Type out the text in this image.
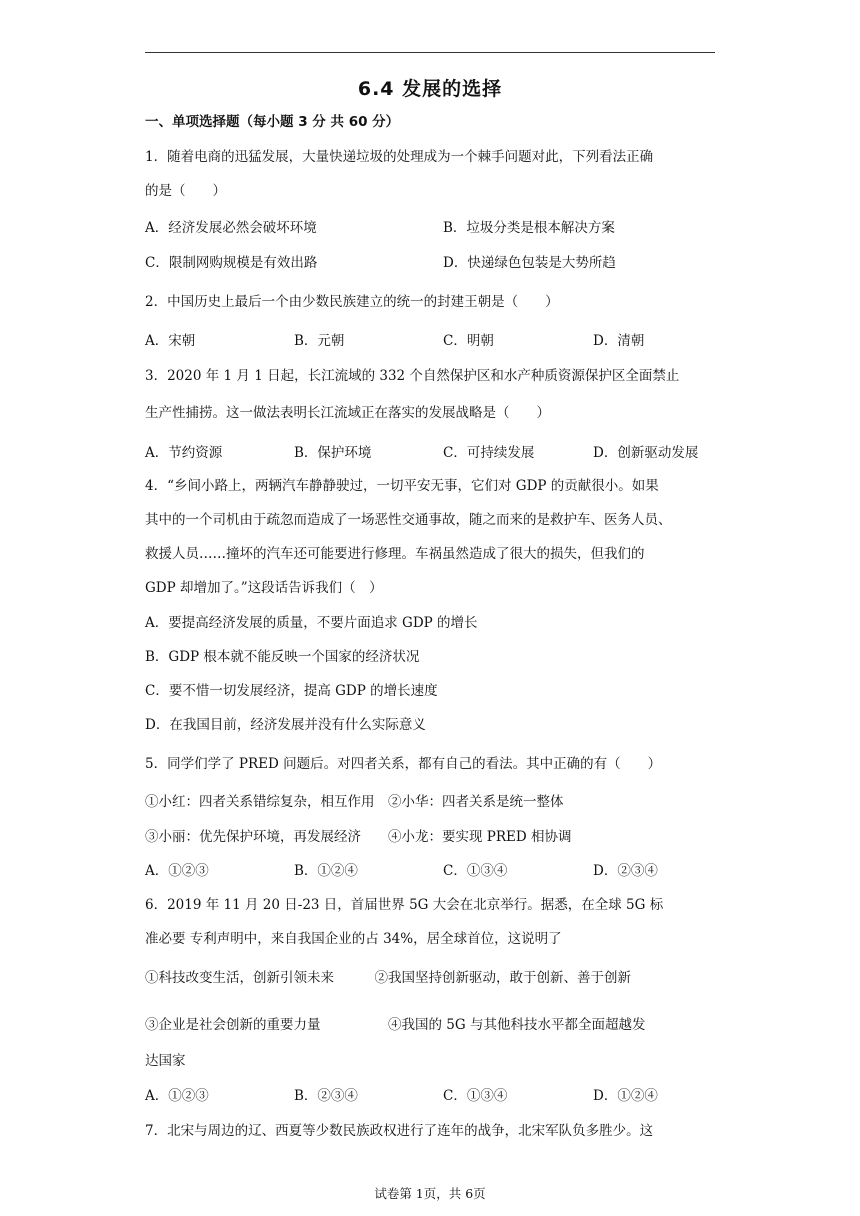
6.4 发展的选择
一、单项选择题（每小题 3 分 共 60 分）
1．随着电商的迅猛发展，大量快递垃圾的处理成为一个棘手问题对此，下列看法正确
的是（　　）
A．经济发展必然会破坏环境	B．垃圾分类是根本解决方案
C．限制网购规模是有效出路	D．快递绿色包装是大势所趋
2．中国历史上最后一个由少数民族建立的统一的封建王朝是（　　）
A．宋朝	B．元朝	C．明朝	D．清朝
3．2020 年 1 月 1 日起，长江流域的 332 个自然保护区和水产种质资源保护区全面禁止
生产性捕捞。这一做法表明长江流域正在落实的发展战略是（　　）
A．节约资源	B．保护环境	C．可持续发展	D．创新驱动发展
4．“乡间小路上，两辆汽车静静驶过，一切平安无事，它们对 GDP 的贡献很小。如果
其中的一个司机由于疏忽而造成了一场恶性交通事故，随之而来的是救护车、医务人员、
救援人员……撞坏的汽车还可能要进行修理。车祸虽然造成了很大的损失，但我们的
GDP 却增加了。”这段话告诉我们（　）
A．要提高经济发展的质量，不要片面追求 GDP 的增长
B．GDP 根本就不能反映一个国家的经济状况
C．要不惜一切发展经济，提高 GDP 的增长速度
D．在我国目前，经济发展并没有什么实际意义
5．同学们学了 PRED 问题后。对四者关系，都有自己的看法。其中正确的有（　　）
①小红：四者关系错综复杂，相互作用　②小华：四者关系是统一整体
③小丽：优先保护环境，再发展经济　　④小龙：要实现 PRED 相协调
A．①②③	B．①②④	C．①③④	D．②③④
6．2019 年 11 月 20 日-23 日，首届世界 5G 大会在北京举行。据悉，在全球 5G 标
准必要 专利声明中，来自我国企业的占 34%，居全球首位，这说明了
①科技改变生活，创新引领未来　　　②我国坚持创新驱动，敢于创新、善于创新
③企业是社会创新的重要力量　　　　　④我国的 5G 与其他科技水平都全面超越发
达国家
A．①②③	B．②③④	C．①③④	D．①②④
7．北宋与周边的辽、西夏等少数民族政权进行了连年的战争，北宋军队负多胜少。这
试卷第 1页，共 6页
